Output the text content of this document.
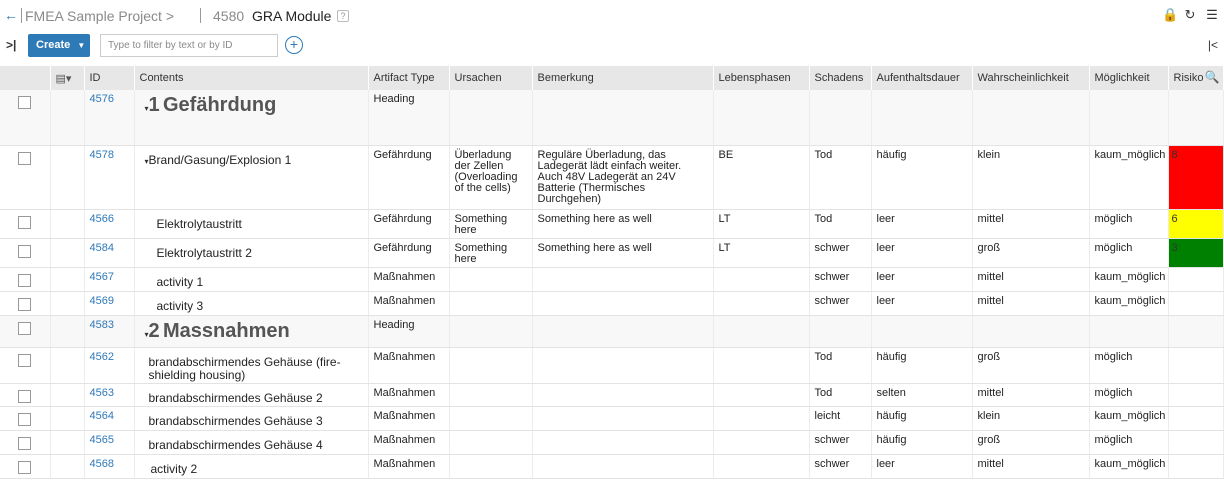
← FMEA Sample Project >	4580 GRA Module	?	🔒 ↻ ☰
>|	Create ▼
Type to filter by text or by ID	+	|<
	▤▾	ID	Contents	Artifact Type	Ursachen	Bemerkung	Lebensphasen	Schadens	Aufenthaltsdauer	Wahrscheinlichkeit	Möglichkeit	Risiko 🔍

		4576	▾1 Gefährdung	Heading								
		4578	▾Brand/Gasung/Explosion 1	Gefährdung	Überladung der Zellen (Overloading of the cells)	Reguläre Überladung, das Ladegerät lädt einfach weiter. Auch 48V Ladegerät an 24V Batterie (Thermisches Durchgehen)	BE	Tod	häufig	klein	kaum_möglich	8
		4566	Elektrolytaustritt	Gefährdung	Something here	Something here as well	LT	Tod	leer	mittel	möglich	6
		4584	Elektrolytaustritt 2	Gefährdung	Something here	Something here as well	LT	schwer	leer	groß	möglich	3
		4567	activity 1	Maßnahmen				schwer	leer	mittel	kaum_möglich	
		4569	activity 3	Maßnahmen				schwer	leer	mittel	kaum_möglich	
		4583	▾2 Massnahmen	Heading								
		4562	brandabschirmendes Gehäuse (fire-shielding housing)	Maßnahmen				Tod	häufig	groß	möglich	
		4563	brandabschirmendes Gehäuse 2	Maßnahmen				Tod	selten	mittel	möglich	
		4564	brandabschirmendes Gehäuse 3	Maßnahmen				leicht	häufig	klein	kaum_möglich	
		4565	brandabschirmendes Gehäuse 4	Maßnahmen				schwer	häufig	groß	möglich	
		4568	activity 2	Maßnahmen				schwer	leer	mittel	kaum_möglich	
